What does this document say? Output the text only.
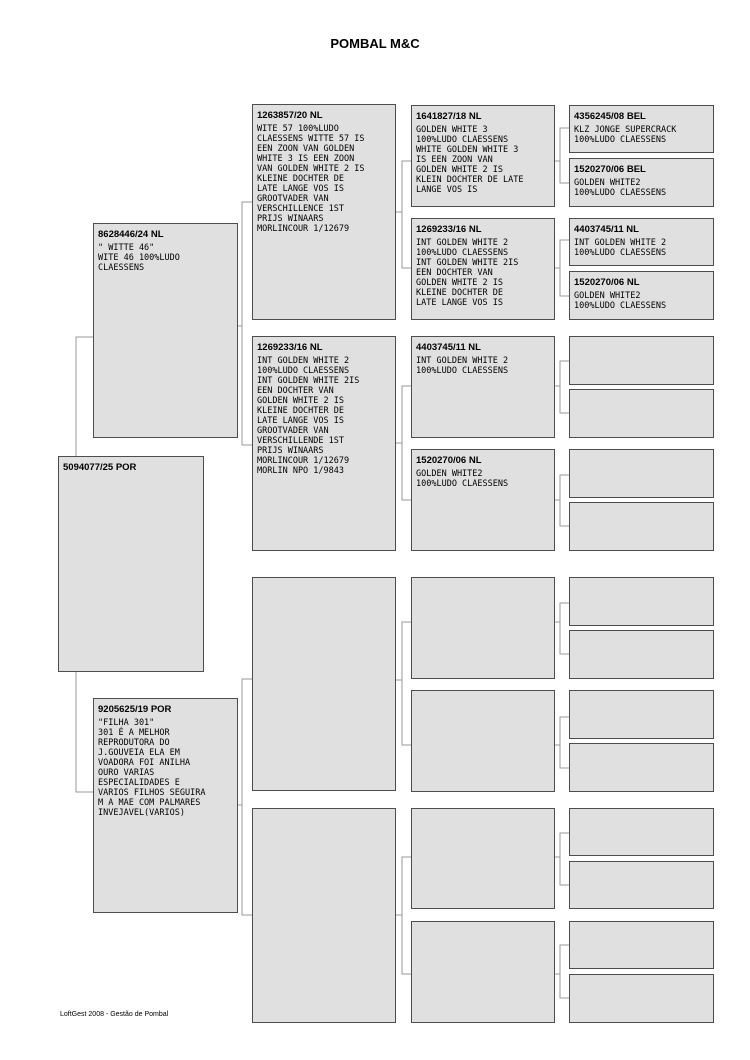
POMBAL M&C
5094077/25 POR
8628446/24 NL
" WITTE 46"
WITE 46 100%LUDO
CLAESSENS
9205625/19 POR
"FILHA 301"
301 É A MELHOR
REPRODUTORA DO
J.GOUVEIA ELA EM
VOADORA FOI ANILHA
OURO VARIAS
ESPECIALIDADES E
VARIOS FILHOS SEGUIRA
M A MAE COM PALMARES
INVEJAVEL(VARIOS)
1263857/20 NL
WITE 57 100%LUDO
CLAESSENS WITTE 57 IS
EEN ZOON VAN GOLDEN
WHITE 3 IS EEN ZOON
VAN GOLDEN WHITE 2 IS
KLEINE DOCHTER DE
LATE LANGE VOS IS
GROOTVADER VAN
VERSCHILLENCE 1ST
PRIJS WINAARS
MORLINCOUR 1/12679
1269233/16 NL
INT GOLDEN WHITE 2
100%LUDO CLAESSENS
INT GOLDEN WHITE 2IS
EEN DOCHTER VAN
GOLDEN WHITE 2 IS
KLEINE DOCHTER DE
LATE LANGE VOS IS
GROOTVADER VAN
VERSCHILLENDE 1ST
PRIJS WINAARS
MORLINCOUR 1/12679
MORLIN NPO 1/9843
1641827/18 NL
GOLDEN WHITE 3
100%LUDO CLAESSENS
WHITE GOLDEN WHITE 3
IS EEN ZOON VAN
GOLDEN WHITE 2 IS
KLEIN DOCHTER DE LATE
LANGE VOS IS
1269233/16 NL
INT GOLDEN WHITE 2
100%LUDO CLAESSENS
INT GOLDEN WHITE 2IS
EEN DOCHTER VAN
GOLDEN WHITE 2 IS
KLEINE DOCHTER DE
LATE LANGE VOS IS
4403745/11 NL
INT GOLDEN WHITE 2
100%LUDO CLAESSENS
1520270/06 NL
GOLDEN WHITE2
100%LUDO CLAESSENS
4356245/08 BEL
KLZ JONGE SUPERCRACK
100%LUDO CLAESSENS
1520270/06 BEL
GOLDEN WHITE2
100%LUDO CLAESSENS
4403745/11 NL
INT GOLDEN WHITE 2
100%LUDO CLAESSENS
1520270/06 NL
GOLDEN WHITE2
100%LUDO CLAESSENS
LoftGest 2008 - Gestão de Pombal
